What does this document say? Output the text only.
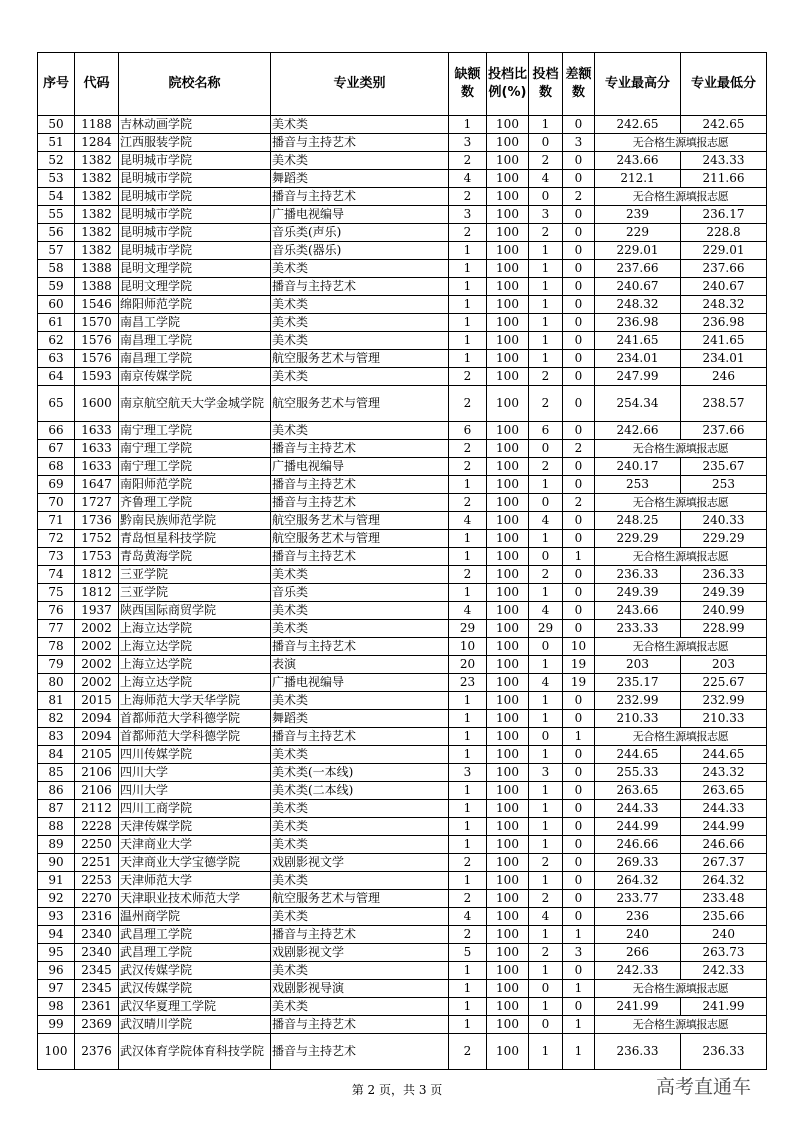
序号	代码	院校名称	专业类别	缺额数	投档比例(%)	投档数	差额数	专业最高分	专业最低分
50	1188	吉林动画学院	美术类	1	100	1	0	242.65	242.65
51	1284	江西服装学院	播音与主持艺术	3	100	0	3	无合格生源填报志愿	
52	1382	昆明城市学院	美术类	2	100	2	0	243.66	243.33
53	1382	昆明城市学院	舞蹈类	4	100	4	0	212.1	211.66
54	1382	昆明城市学院	播音与主持艺术	2	100	0	2	无合格生源填报志愿	
55	1382	昆明城市学院	广播电视编导	3	100	3	0	239	236.17
56	1382	昆明城市学院	音乐类(声乐)	2	100	2	0	229	228.8
57	1382	昆明城市学院	音乐类(器乐)	1	100	1	0	229.01	229.01
58	1388	昆明文理学院	美术类	1	100	1	0	237.66	237.66
59	1388	昆明文理学院	播音与主持艺术	1	100	1	0	240.67	240.67
60	1546	绵阳师范学院	美术类	1	100	1	0	248.32	248.32
61	1570	南昌工学院	美术类	1	100	1	0	236.98	236.98
62	1576	南昌理工学院	美术类	1	100	1	0	241.65	241.65
63	1576	南昌理工学院	航空服务艺术与管理	1	100	1	0	234.01	234.01
64	1593	南京传媒学院	美术类	2	100	2	0	247.99	246
65	1600	南京航空航天大学金城学院	航空服务艺术与管理	2	100	2	0	254.34	238.57
66	1633	南宁理工学院	美术类	6	100	6	0	242.66	237.66
67	1633	南宁理工学院	播音与主持艺术	2	100	0	2	无合格生源填报志愿	
68	1633	南宁理工学院	广播电视编导	2	100	2	0	240.17	235.67
69	1647	南阳师范学院	播音与主持艺术	1	100	1	0	253	253
70	1727	齐鲁理工学院	播音与主持艺术	2	100	0	2	无合格生源填报志愿	
71	1736	黔南民族师范学院	航空服务艺术与管理	4	100	4	0	248.25	240.33
72	1752	青岛恒星科技学院	航空服务艺术与管理	1	100	1	0	229.29	229.29
73	1753	青岛黄海学院	播音与主持艺术	1	100	0	1	无合格生源填报志愿	
74	1812	三亚学院	美术类	2	100	2	0	236.33	236.33
75	1812	三亚学院	音乐类	1	100	1	0	249.39	249.39
76	1937	陕西国际商贸学院	美术类	4	100	4	0	243.66	240.99
77	2002	上海立达学院	美术类	29	100	29	0	233.33	228.99
78	2002	上海立达学院	播音与主持艺术	10	100	0	10	无合格生源填报志愿	
79	2002	上海立达学院	表演	20	100	1	19	203	203
80	2002	上海立达学院	广播电视编导	23	100	4	19	235.17	225.67
81	2015	上海师范大学天华学院	美术类	1	100	1	0	232.99	232.99
82	2094	首都师范大学科德学院	舞蹈类	1	100	1	0	210.33	210.33
83	2094	首都师范大学科德学院	播音与主持艺术	1	100	0	1	无合格生源填报志愿	
84	2105	四川传媒学院	美术类	1	100	1	0	244.65	244.65
85	2106	四川大学	美术类(一本线)	3	100	3	0	255.33	243.32
86	2106	四川大学	美术类(二本线)	1	100	1	0	263.65	263.65
87	2112	四川工商学院	美术类	1	100	1	0	244.33	244.33
88	2228	天津传媒学院	美术类	1	100	1	0	244.99	244.99
89	2250	天津商业大学	美术类	1	100	1	0	246.66	246.66
90	2251	天津商业大学宝德学院	戏剧影视文学	2	100	2	0	269.33	267.37
91	2253	天津师范大学	美术类	1	100	1	0	264.32	264.32
92	2270	天津职业技术师范大学	航空服务艺术与管理	2	100	2	0	233.77	233.48
93	2316	温州商学院	美术类	4	100	4	0	236	235.66
94	2340	武昌理工学院	播音与主持艺术	2	100	1	1	240	240
95	2340	武昌理工学院	戏剧影视文学	5	100	2	3	266	263.73
96	2345	武汉传媒学院	美术类	1	100	1	0	242.33	242.33
97	2345	武汉传媒学院	戏剧影视导演	1	100	0	1	无合格生源填报志愿	
98	2361	武汉华夏理工学院	美术类	1	100	1	0	241.99	241.99
99	2369	武汉晴川学院	播音与主持艺术	1	100	0	1	无合格生源填报志愿	
100	2376	武汉体育学院体育科技学院	播音与主持艺术	2	100	1	1	236.33	236.33
第 2 页，共 3 页	高考直通车
